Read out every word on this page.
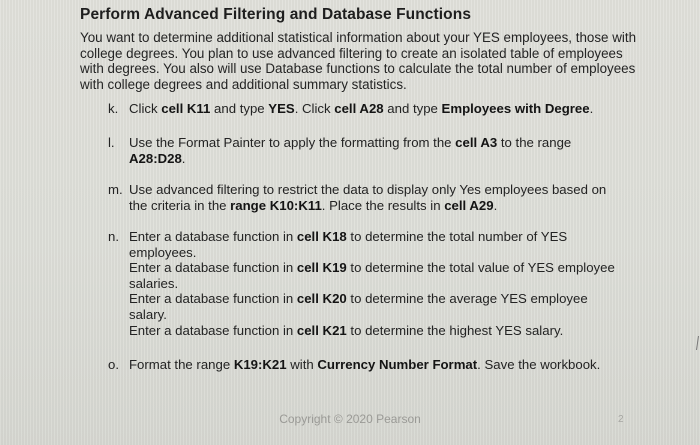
Perform Advanced Filtering and Database Functions

You want to determine additional statistical information about your YES employees, those with college degrees. You plan to use advanced filtering to create an isolated table of employees with degrees. You also will use Database functions to calculate the total number of employees with college degrees and additional summary statistics.

k. Click cell K11 and type YES. Click cell A28 and type Employees with Degree.

l.	Use the Format Painter to apply the formatting from the cell A3 to the range A28:D28.

m. Use advanced filtering to restrict the data to display only Yes employees based on the criteria in the range K10:K11. Place the results in cell A29.

n. Enter a database function in cell K18 to determine the total number of YES employees.

Enter a database function in cell K19 to determine the total value of YES employee salaries.

Enter a database function in cell K20 to determine the average YES employee salary.

Enter a database function in cell K21 to determine the highest YES salary.

o. Format the range K19:K21 with Currency Number Format. Save the workbook.

Copyright © 2020 Pearson	2
